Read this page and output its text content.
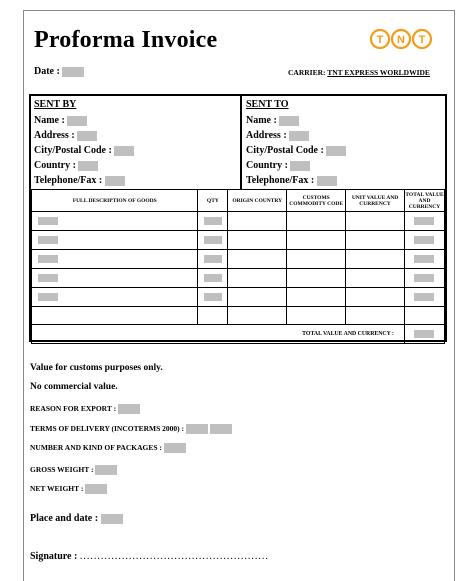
Proforma Invoice	T N T
Date :	CARRIER: TNT EXPRESS WORLDWIDE
SENT BY
Name :
Address :
City/Postal Code :
Country :
Telephone/Fax :
SENT TO
Name :
Address :
City/Postal Code :
Country :
Telephone/Fax :
FULL DESCRIPTION OF GOODS	QTY	ORIGIN COUNTRY	CUSTOMS COMMODITY CODE	UNIT VALUE AND CURRENCY	TOTAL VALUE AND CURRENCY

TOTAL VALUE AND CURRENCY :					
Value for customs purposes only.
No commercial value.
REASON FOR EXPORT :
TERMS OF DELIVERY (INCOTERMS 2000) :
NUMBER AND KIND OF PACKAGES :
GROSS WEIGHT :
NET WEIGHT :
Place and date :
Signature : ......................................................
